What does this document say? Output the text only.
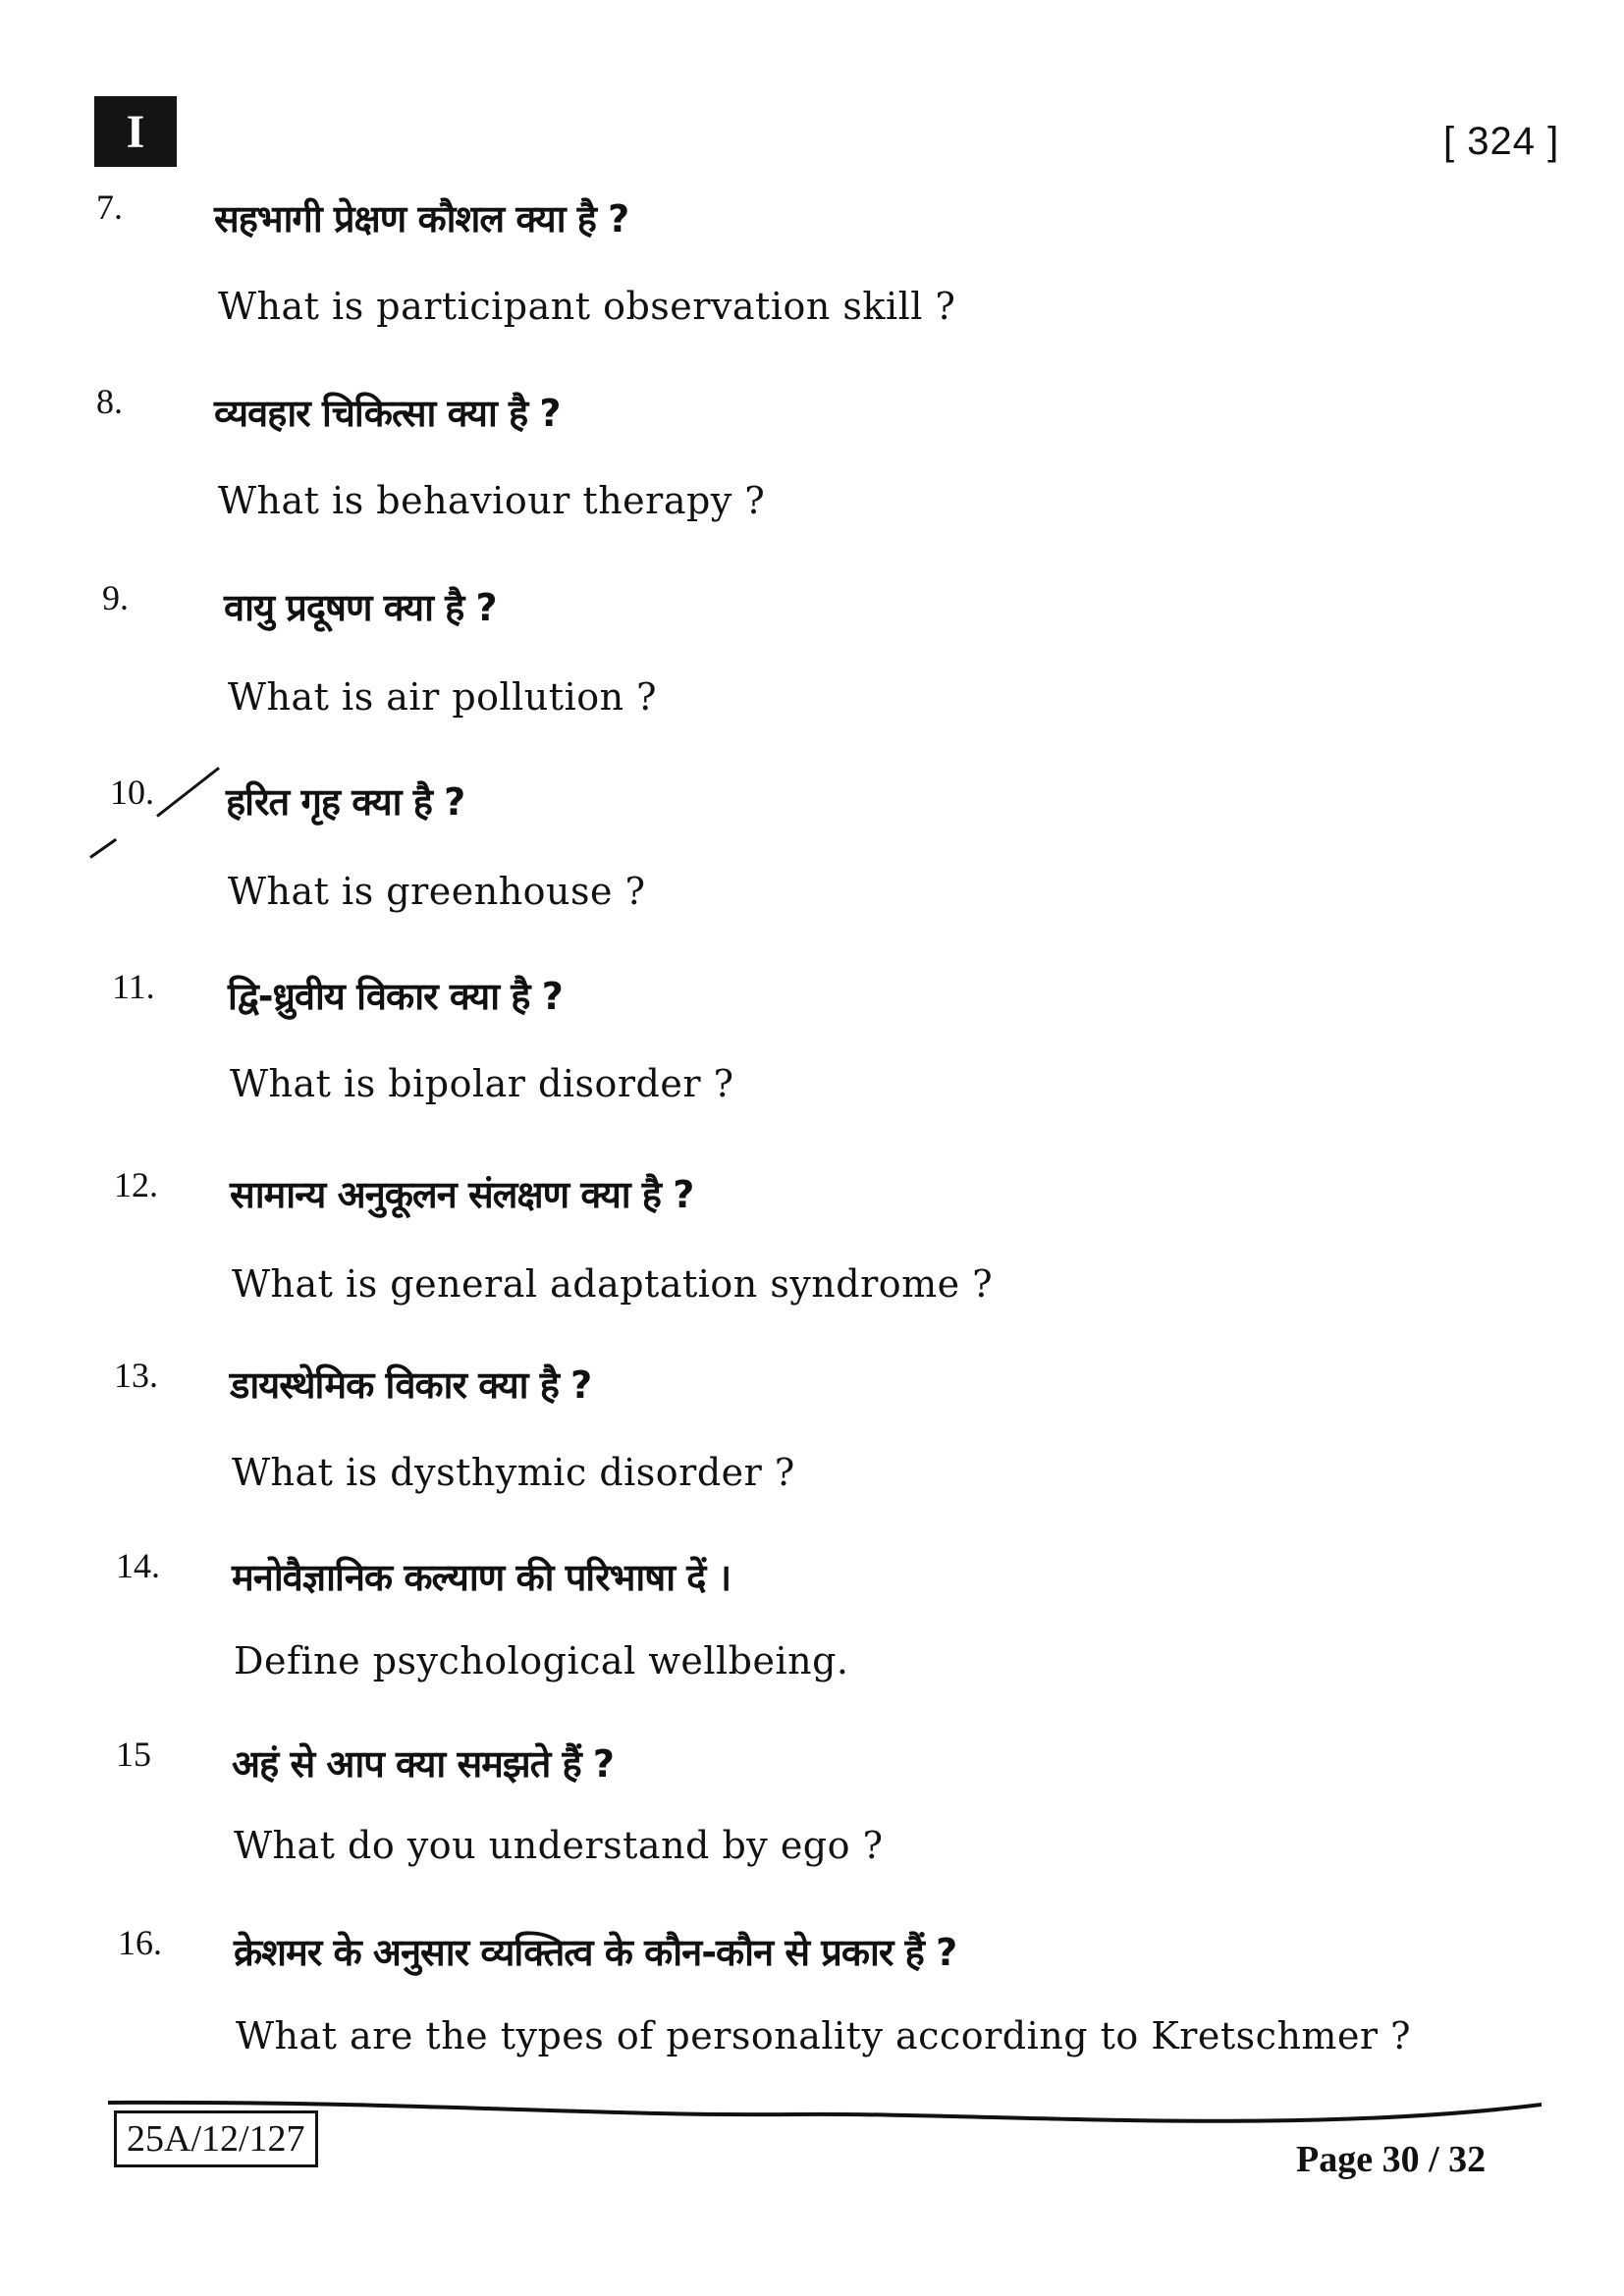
I	[ 324 ]
7. सहभागी प्रेक्षण कौशल क्या है ?
What is participant observation skill ?
8. व्यवहार चिकित्सा क्या है ?
What is behaviour therapy ?
9.	वायु प्रदूषण क्या है ?
What is air pollution ?
10. हरित गृह क्या है ?
What is greenhouse ?
11. द्वि-ध्रुवीय विकार क्या है ?
What is bipolar disorder ?
12. सामान्य अनुकूलन संलक्षण क्या है ?
What is general adaptation syndrome ?
13. डायस्थेमिक विकार क्या है ?
What is dysthymic disorder ?
14. मनोवैज्ञानिक कल्याण की परिभाषा दें ।
Define psychological wellbeing.
15 अहं से आप क्या समझते हैं ?
What do you understand by ego ?
16. क्रेशमर के अनुसार व्यक्तित्व के कौन-कौन से प्रकार हैं ?
What are the types of personality according to Kretschmer ?
25A/12/127	Page 30 / 32
